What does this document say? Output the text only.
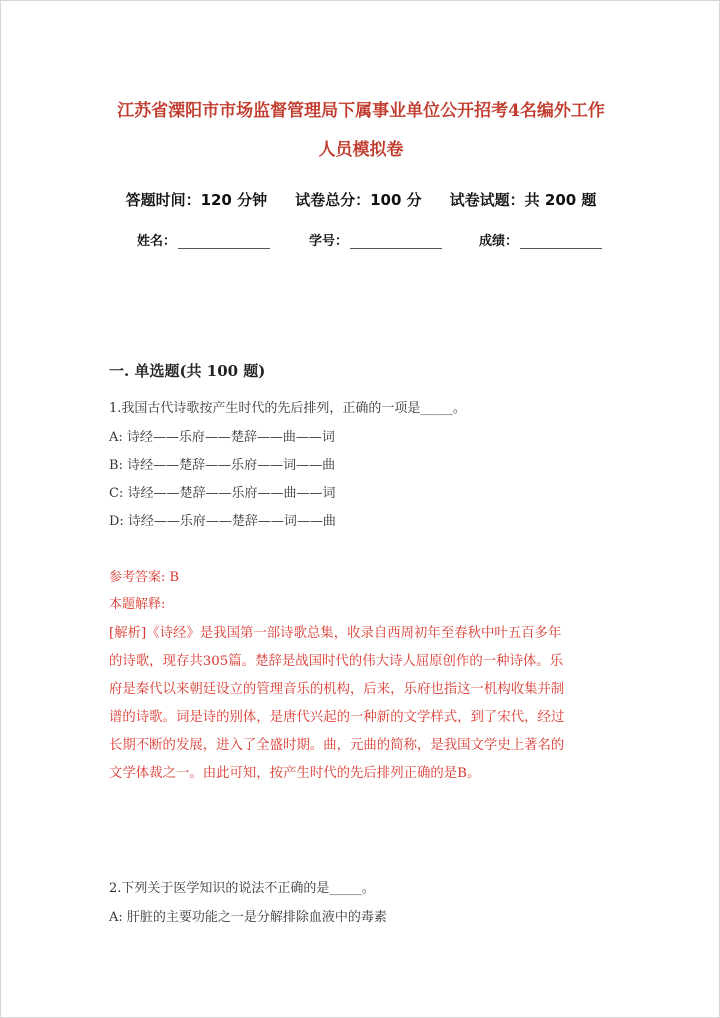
江苏省溧阳市市场监督管理局下属事业单位公开招考4名编外工作
人员模拟卷
答题时间：120 分钟 试卷总分：100 分 试卷试题：共 200 题
姓名：	学号：	成绩：
一. 单选题(共 100 题)
1.我国古代诗歌按产生时代的先后排列，正确的一项是_____。
A: 诗经——乐府——楚辞——曲——词
B: 诗经——楚辞——乐府——词——曲
C: 诗经——楚辞——乐府——曲——词
D: 诗经——乐府——楚辞——词——曲
参考答案: B
本题解释:
[解析]《诗经》是我国第一部诗歌总集，收录自西周初年至春秋中叶五百多年
的诗歌，现存共305篇。楚辞是战国时代的伟大诗人屈原创作的一种诗体。乐
府是秦代以来朝廷设立的管理音乐的机构，后来，乐府也指这一机构收集并制
谱的诗歌。词是诗的别体，是唐代兴起的一种新的文学样式，到了宋代，经过
长期不断的发展，进入了全盛时期。曲，元曲的简称，是我国文学史上著名的
文学体裁之一。由此可知，按产生时代的先后排列正确的是B。
2.下列关于医学知识的说法不正确的是_____。
A: 肝脏的主要功能之一是分解排除血液中的毒素
